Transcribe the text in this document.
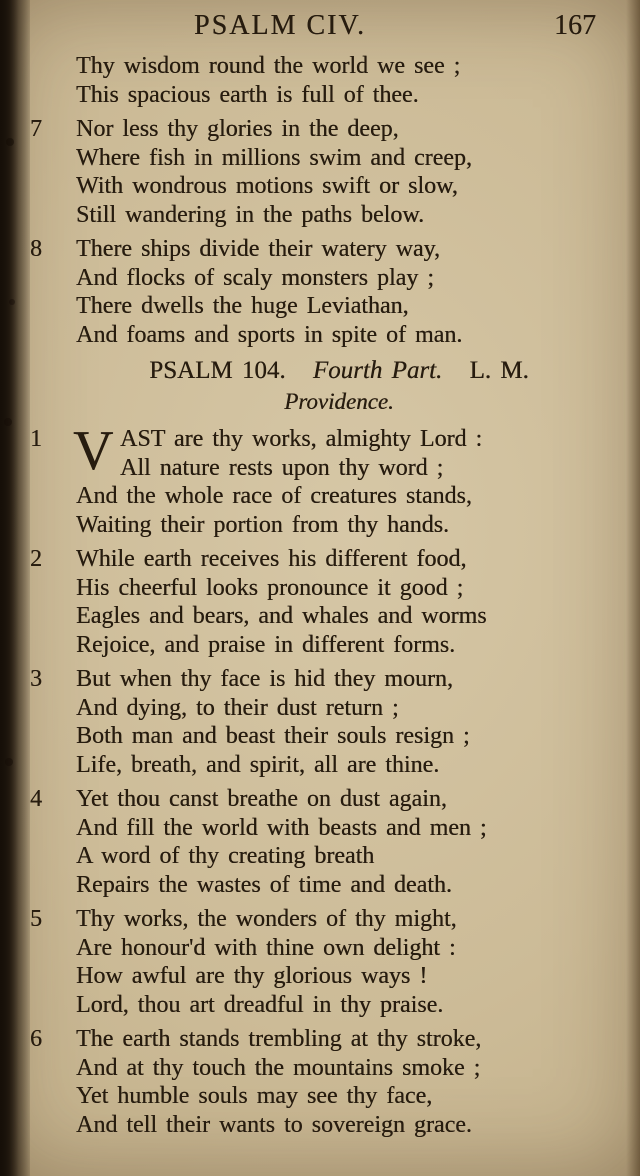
PSALM CIV.	167

Thy wisdom round the world we see ;

This spacious earth is full of thee.

7 Nor less thy glories in the deep,

Where fish in millions swim and creep,

With wondrous motions swift or slow,

Still wandering in the paths below.

8 There ships divide their watery way,

And flocks of scaly monsters play ;

There dwells the huge Leviathan,

And foams and sports in spite of man.

PSALM 104. Fourth Part. L. M.
Providence.
1 V AST are thy works, almighty Lord :

All nature rests upon thy word ;

And the whole race of creatures stands,

Waiting their portion from thy hands.

2 While earth receives his different food,

His cheerful looks pronounce it good ;

Eagles and bears, and whales and worms

Rejoice, and praise in different forms.

3 But when thy face is hid they mourn,

And dying, to their dust return ;

Both man and beast their souls resign ;

Life, breath, and spirit, all are thine.

4 Yet thou canst breathe on dust again,

And fill the world with beasts and men ;

A word of thy creating breath

Repairs the wastes of time and death.

5 Thy works, the wonders of thy might,

Are honour'd with thine own delight :

How awful are thy glorious ways !

Lord, thou art dreadful in thy praise.

6 The earth stands trembling at thy stroke,

And at thy touch the mountains smoke ;

Yet humble souls may see thy face,

And tell their wants to sovereign grace.
